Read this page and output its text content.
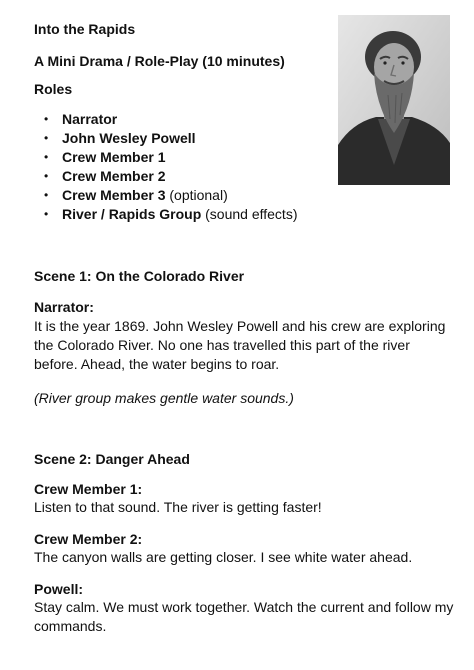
Into the Rapids
A Mini Drama / Role-Play (10 minutes)
Roles
• Narrator
• John Wesley Powell
• Crew Member 1
• Crew Member 2
• Crew Member 3 (optional)
• River / Rapids Group (sound effects)
Scene 1: On the Colorado River
Narrator:

It is the year 1869. John Wesley Powell and his crew are exploring the Colorado River. No one has travelled this part of the river before. Ahead, the water begins to roar.

(River group makes gentle water sounds.)

Scene 2: Danger Ahead
Crew Member 1:

Listen to that sound. The river is getting faster!

Crew Member 2:

The canyon walls are getting closer. I see white water ahead.

Powell:

Stay calm. We must work together. Watch the current and follow my commands.
